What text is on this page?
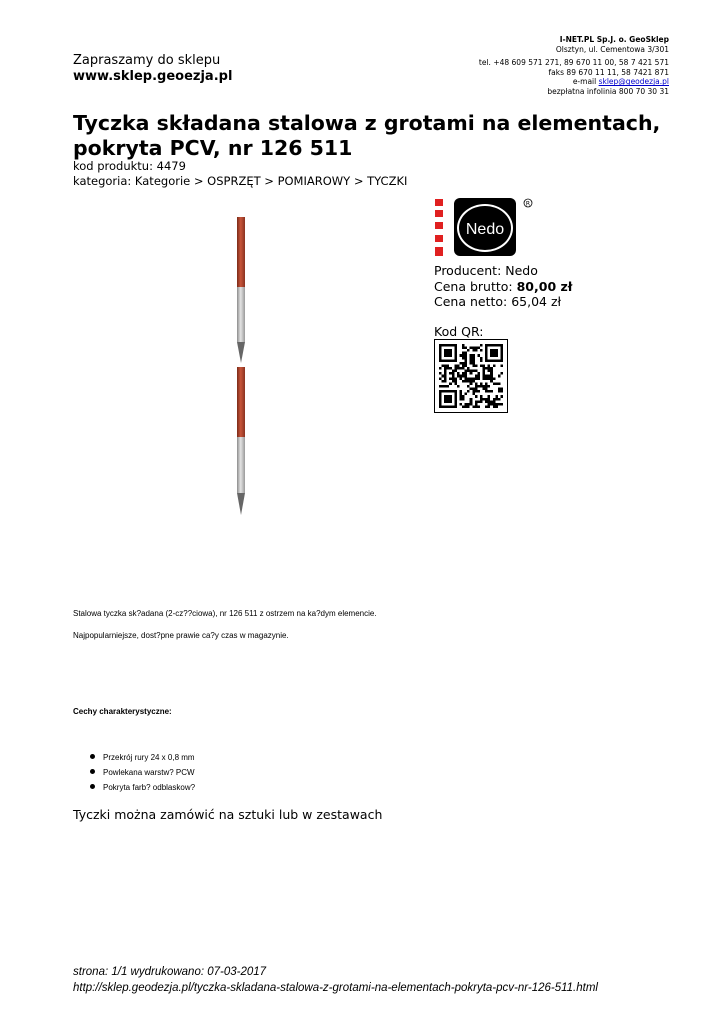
Zapraszamy do sklepu
www.sklep.geoezja.pl
I-NET.PL Sp.J. o. GeoSklep
Olsztyn, ul. Cementowa 3/301
tel. +48 609 571 271, 89 670 11 00, 58 7 421 571
faks 89 670 11 11, 58 7421 871
e-mail sklep@geodezja.pl
bezpłatna infolinia 800 70 30 31
Tyczka składana stalowa z grotami na elementach, pokryta PCV, nr 126 511
kod produktu: 4479
kategoria: Kategorie > OSPRZĘT > POMIAROWY > TYCZKI
Nedo
R
Producent: Nedo
Cena brutto: 80,00 zł
Cena netto: 65,04 zł
Kod QR:
Stalowa tyczka sk?adana (2-cz??ciowa), nr 126 511 z ostrzem na ka?dym elemencie.
Najpopularniejsze, dost?pne prawie ca?y czas w magazynie.
Cechy charakterystyczne:
Przekrój rury 24 x 0,8 mm
Powlekana warstw? PCW
Pokryta farb? odblaskow?
Tyczki można zamówić na sztuki lub w zestawach
strona: 1/1 wydrukowano: 07-03-2017
http://sklep.geodezja.pl/tyczka-skladana-stalowa-z-grotami-na-elementach-pokryta-pcv-nr-126-511.html
